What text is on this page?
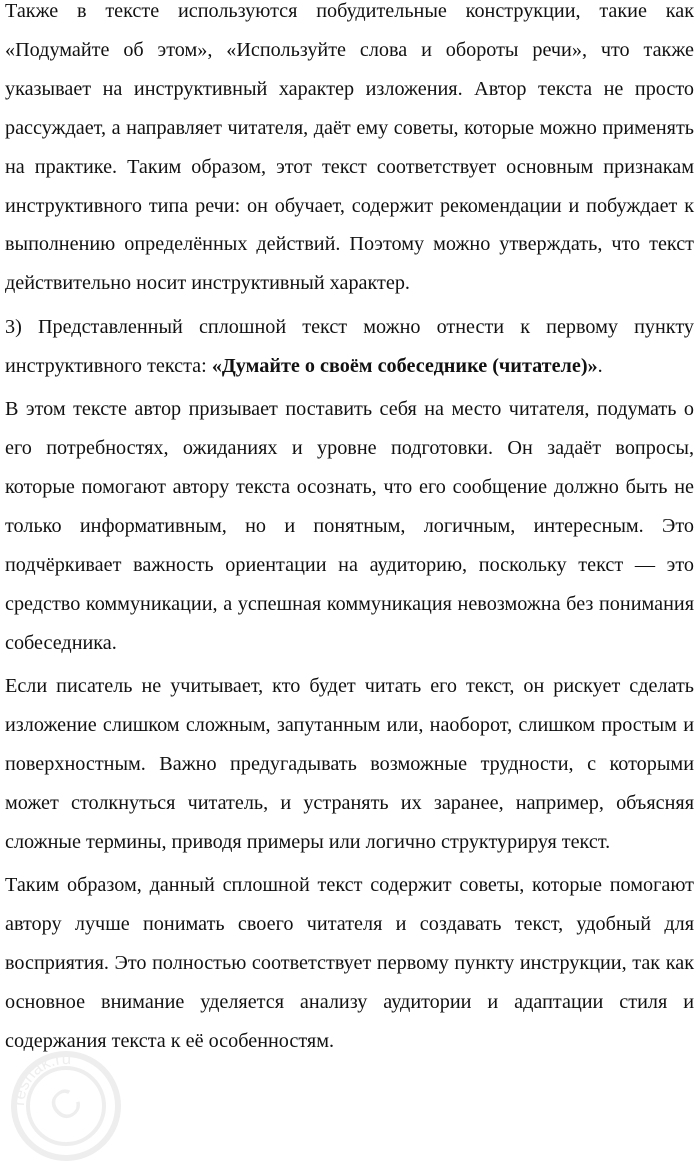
Также в тексте используются побудительные конструкции, такие как «Подумайте об этом», «Используйте слова и обороты речи», что также указывает на инструктивный характер изложения. Автор текста не просто рассуждает, а направляет читателя, даёт ему советы, которые можно применять на практике. Таким образом, этот текст соответствует основным признакам инструктивного типа речи: он обучает, содержит рекомендации и побуждает к выполнению определённых действий. Поэтому можно утверждать, что текст действительно носит инструктивный характер.

3) Представленный сплошной текст можно отнести к первому пункту инструктивного текста: «Думайте о своём собеседнике (читателе)».

В этом тексте автор призывает поставить себя на место читателя, подумать о его потребностях, ожиданиях и уровне подготовки. Он задаёт вопросы, которые помогают автору текста осознать, что его сообщение должно быть не только информативным, но и понятным, логичным, интересным. Это подчёркивает важность ориентации на аудиторию, поскольку текст — это средство коммуникации, а успешная коммуникация невозможна без понимания собеседника.

Если писатель не учитывает, кто будет читать его текст, он рискует сделать изложение слишком сложным, запутанным или, наоборот, слишком простым и поверхностным. Важно предугадывать возможные трудности, с которыми может столкнуться читатель, и устранять их заранее, например, объясняя сложные термины, приводя примеры или логично структурируя текст.

Таким образом, данный сплошной текст содержит советы, которые помогают автору лучше понимать своего читателя и создавать текст, удобный для восприятия. Это полностью соответствует первому пункту инструкции, так как основное внимание уделяется анализу аудитории и адаптации стиля и содержания текста к её особенностям.

C
reshak.ru
